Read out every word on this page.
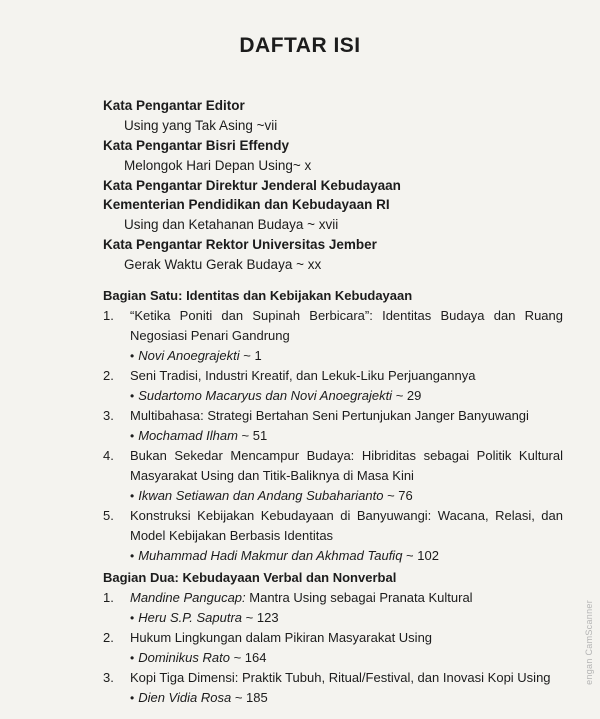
DAFTAR ISI
Kata Pengantar Editor
Using yang Tak Asing ~vii
Kata Pengantar Bisri Effendy
Melongok Hari Depan Using~ x
Kata Pengantar Direktur Jenderal Kebudayaan
Kementerian Pendidikan dan Kebudayaan RI
Using dan Ketahanan Budaya ~ xvii
Kata Pengantar Rektor Universitas Jember
Gerak Waktu Gerak Budaya ~ xx
Bagian Satu: Identitas dan Kebijakan Kebudayaan
1. “Ketika Poniti dan Supinah Berbicara”: Identitas Budaya dan Ruang
Negosiasi Penari Gandrung
• Novi Anoegrajekti ~ 1
2. Seni Tradisi, Industri Kreatif, dan Lekuk-Liku Perjuangannya
• Sudartomo Macaryus dan Novi Anoegrajekti ~ 29
3. Multibahasa: Strategi Bertahan Seni Pertunjukan Janger Banyuwangi
• Mochamad Ilham ~ 51
4. Bukan Sekedar Mencampur Budaya: Hibriditas sebagai Politik Kultural
Masyarakat Using dan Titik-Baliknya di Masa Kini
• Ikwan Setiawan dan Andang Subaharianto ~ 76
5. Konstruksi Kebijakan Kebudayaan di Banyuwangi: Wacana, Relasi, dan
Model Kebijakan Berbasis Identitas
• Muhammad Hadi Makmur dan Akhmad Taufiq ~ 102
Bagian Dua: Kebudayaan Verbal dan Nonverbal
1. Mandine Pangucap: Mantra Using sebagai Pranata Kultural
• Heru S.P. Saputra ~ 123
2. Hukum Lingkungan dalam Pikiran Masyarakat Using
• Dominikus Rato ~ 164
3. Kopi Tiga Dimensi: Praktik Tubuh, Ritual/Festival, dan Inovasi Kopi Using
• Dien Vidia Rosa ~ 185
engan CamScanner
